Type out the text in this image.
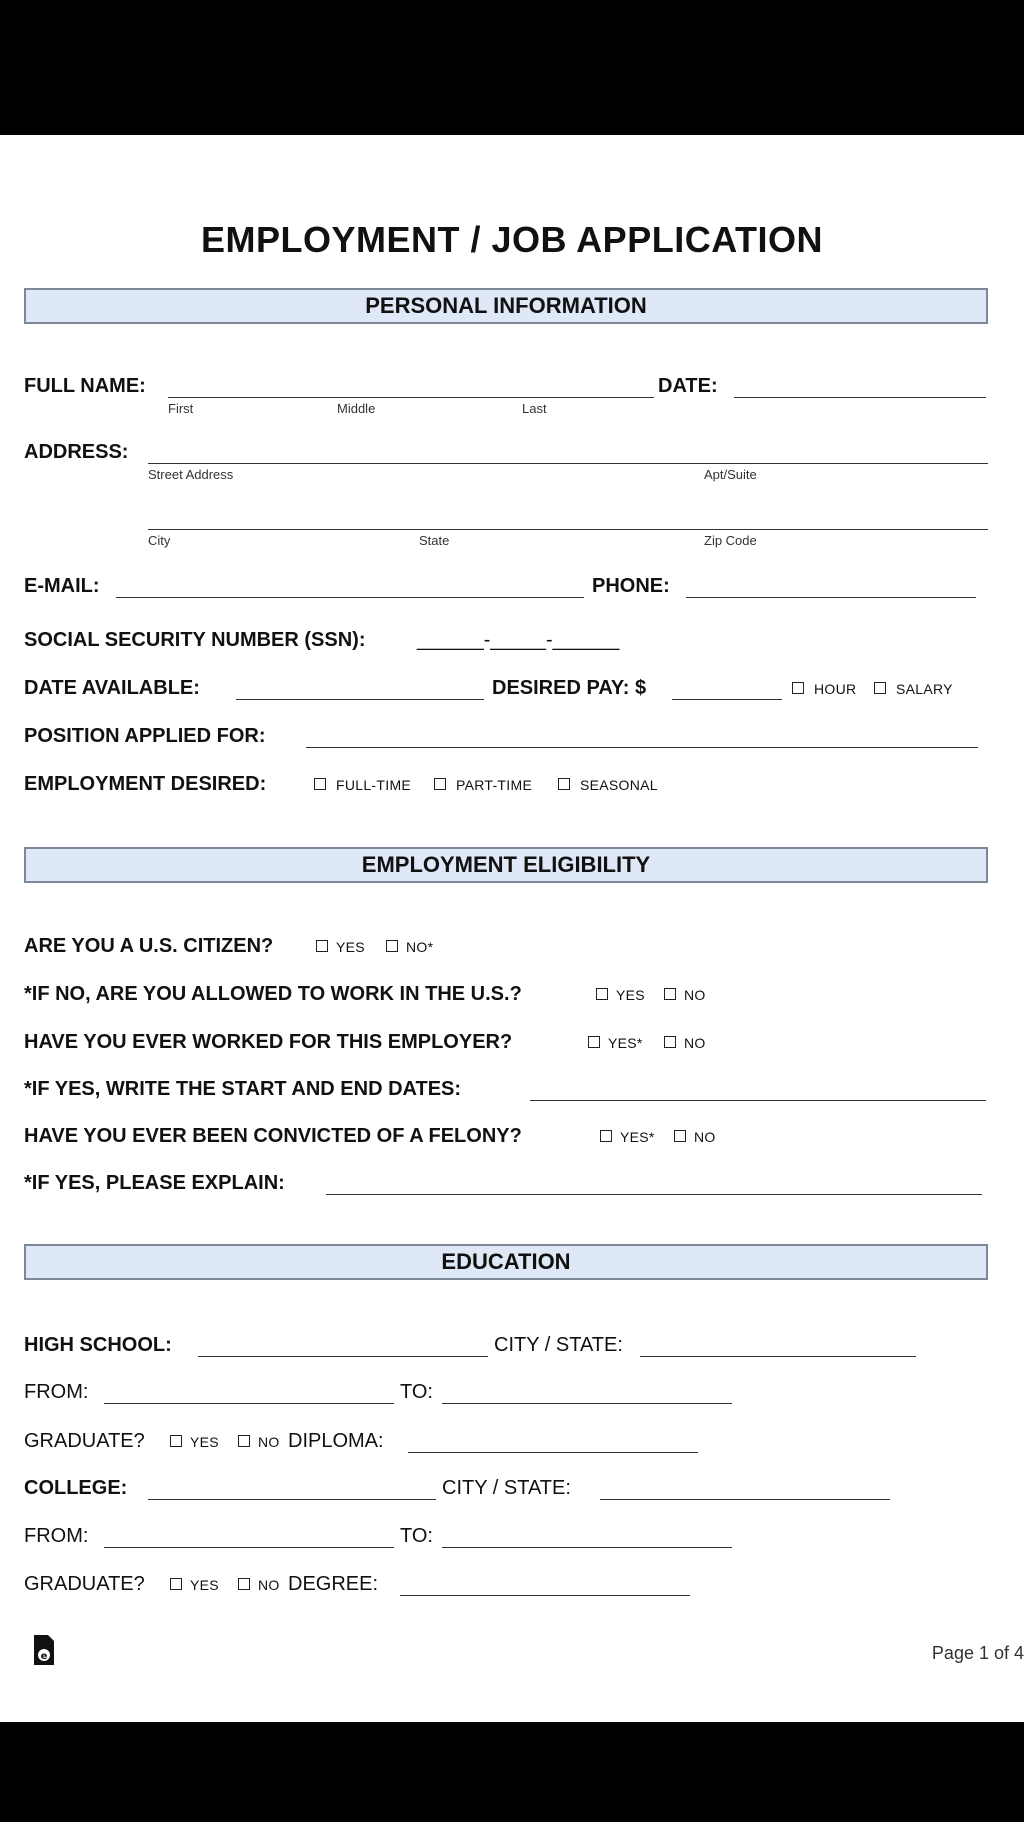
EMPLOYMENT / JOB APPLICATION
PERSONAL INFORMATION
FULL NAME:	DATE:
First	Middle	Last
ADDRESS:
Street Address	Apt/Suite
City	State	Zip Code
E-MAIL:	PHONE:
SOCIAL SECURITY NUMBER (SSN):	______-_____-______
DATE AVAILABLE:	DESIRED PAY: $	HOUR	SALARY
POSITION APPLIED FOR:
EMPLOYMENT DESIRED:	FULL-TIME	PART-TIME	SEASONAL
EMPLOYMENT ELIGIBILITY
ARE YOU A U.S. CITIZEN?	YES	NO*
*IF NO, ARE YOU ALLOWED TO WORK IN THE U.S.?	YES	NO
HAVE YOU EVER WORKED FOR THIS EMPLOYER?	YES*	NO
*IF YES, WRITE THE START AND END DATES:
HAVE YOU EVER BEEN CONVICTED OF A FELONY?	YES*	NO
*IF YES, PLEASE EXPLAIN:
EDUCATION
HIGH SCHOOL:	CITY / STATE:
FROM:	TO:
GRADUATE?	YES	NO DIPLOMA:
COLLEGE:	CITY / STATE:
FROM:	TO:
GRADUATE?	YES	NO DEGREE:
e	Page 1 of 4
